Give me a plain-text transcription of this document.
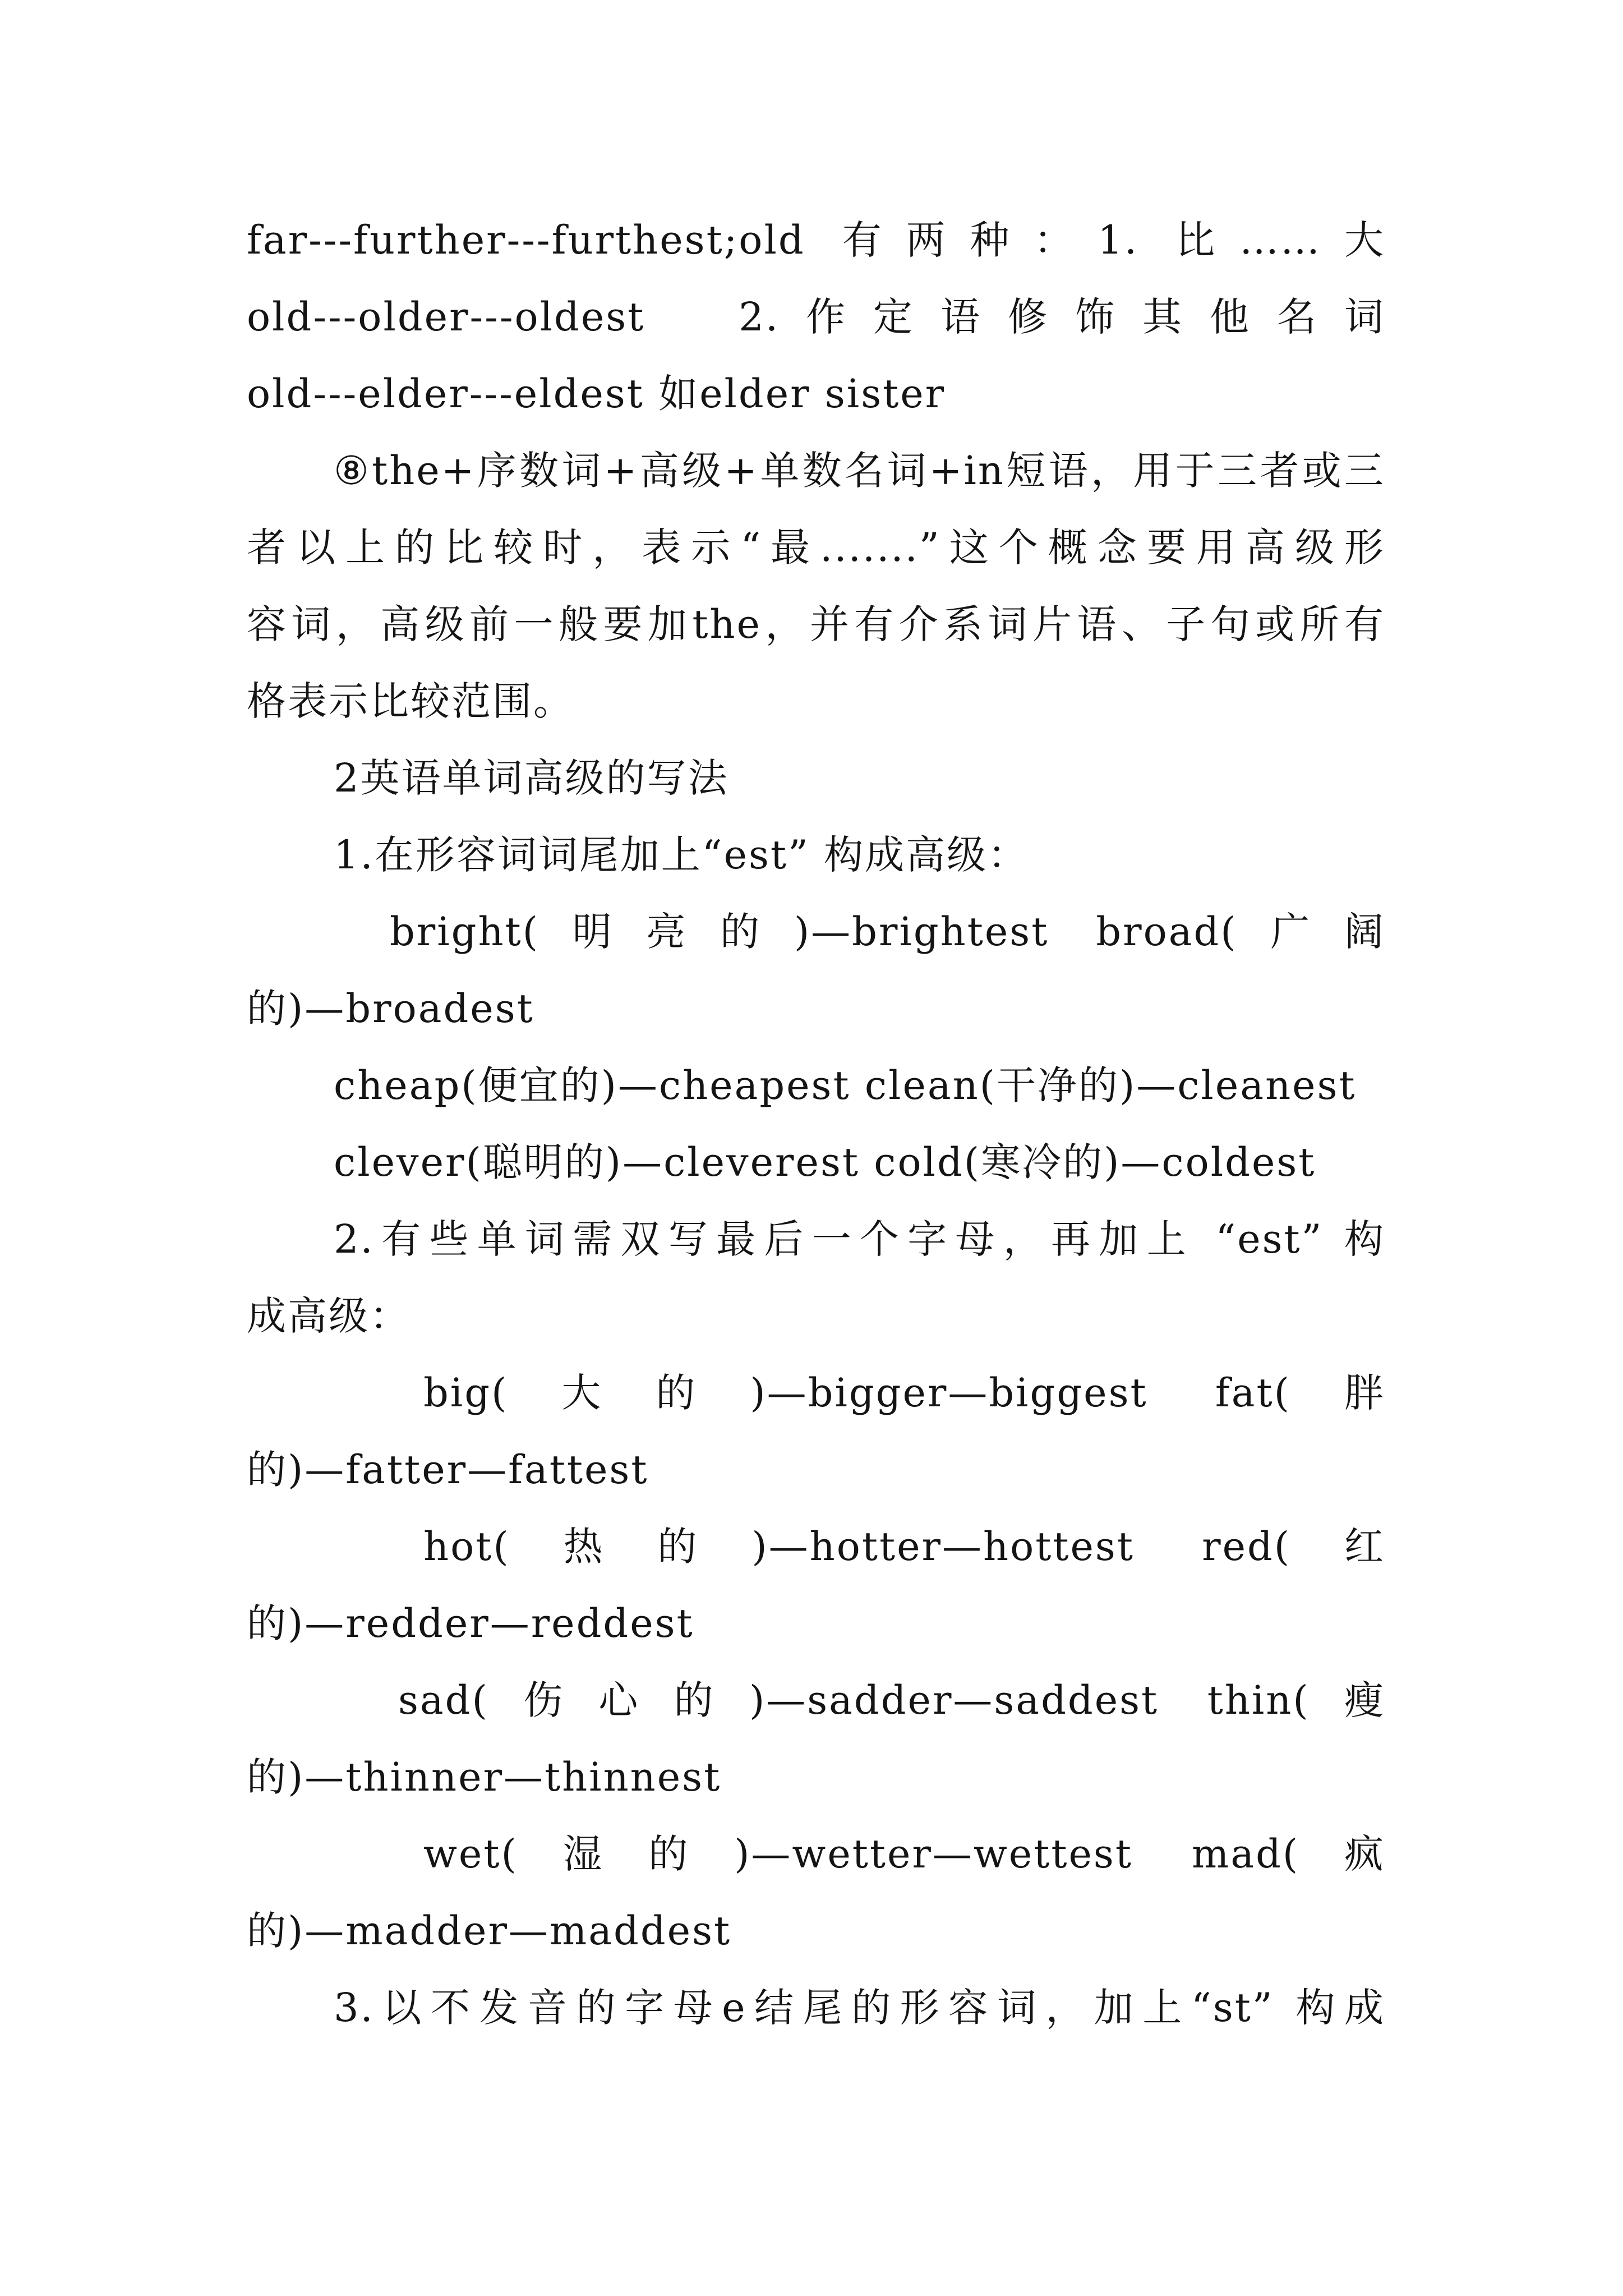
far---further---furthest;old 有两种：1. 比……大
old---older---oldest　2.作定语修饰其他名词
old---elder---eldest 如elder sister
⑧the+序数词+高级+单数名词+in短语，用于三者或三
者以上的比较时，表示“最.......”这个概念要用高级形
容词，高级前一般要加the，并有介系词片语、子句或所有
格表示比较范围。
2英语单词高级的写法
1.在形容词词尾加上“est” 构成高级：
bright(明亮的)—brightest broad(广阔
的)—broadest
cheap(便宜的)—cheapest clean(干净的)—cleanest
clever(聪明的)—cleverest cold(寒冷的)—coldest
2.有些单词需双写最后一个字母，再加上 “est” 构
成高级：
big(大的)—bigger—biggest fat(胖
的)—fatter—fattest
hot(热的)—hotter—hottest red(红
的)—redder—reddest
sad(伤心的)—sadder—saddest thin(瘦
的)—thinner—thinnest
wet(湿的)—wetter—wettest mad(疯
的)—madder—maddest
3.以不发音的字母e结尾的形容词，加上“st” 构成
